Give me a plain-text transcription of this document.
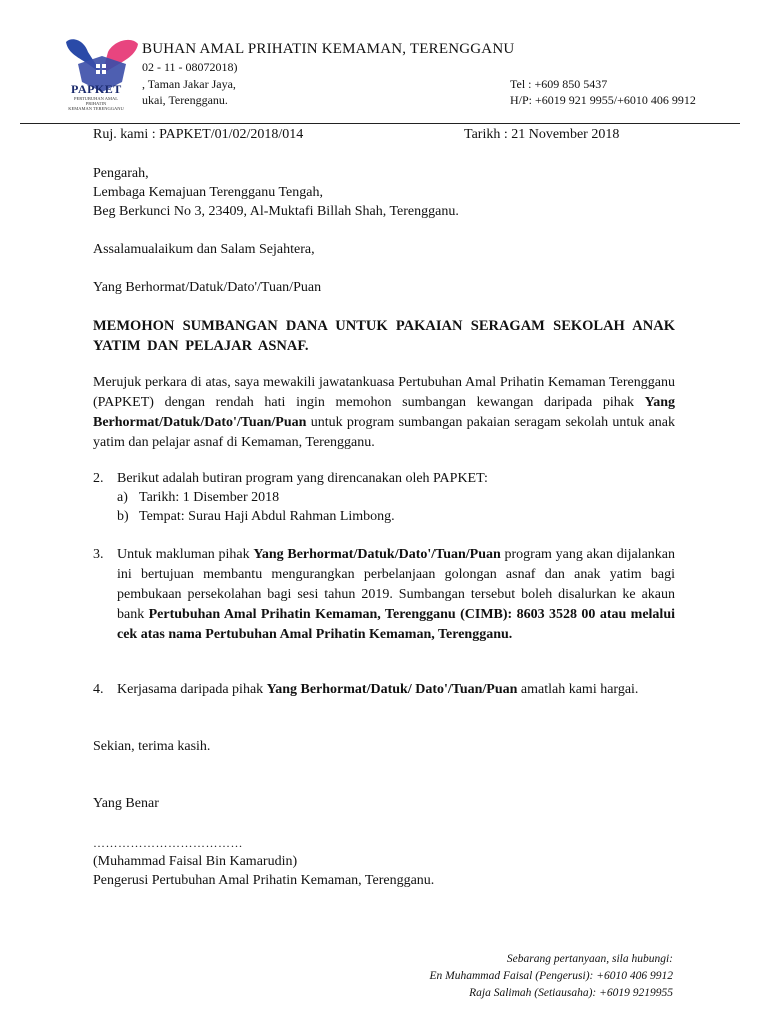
PAPKET
PERTUBUHAN AMAL PRIHATIN
KEMAMAN TERENGGANU
BUHAN AMAL PRIHATIN KEMAMAN, TERENGGANU
02 - 11 - 08072018)
, Taman Jakar Jaya,
ukai, Terengganu.
Tel : +609 850 5437
H/P: +6019 921 9955/+6010 406 9912
Ruj. kami : PAPKET/01/02/2018/014	Tarikh : 21 November 2018
Pengarah,
Lembaga Kemajuan Terengganu Tengah,
Beg Berkunci No 3, 23409, Al-Muktafi Billah Shah, Terengganu.
Assalamualaikum dan Salam Sejahtera,
Yang Berhormat/Datuk/Dato'/Tuan/Puan
MEMOHON SUMBANGAN DANA UNTUK PAKAIAN SERAGAM SEKOLAH ANAK YATIM DAN PELAJAR ASNAF.
Merujuk perkara di atas, saya mewakili jawatankuasa Pertubuhan Amal Prihatin Kemaman Terengganu (PAPKET) dengan rendah hati ingin memohon sumbangan kewangan daripada pihak Yang Berhormat/Datuk/Dato'/Tuan/Puan untuk program sumbangan pakaian seragam sekolah untuk anak yatim dan pelajar asnaf di Kemaman, Terengganu.
2. Berikut adalah butiran program yang direncanakan oleh PAPKET:
a) Tarikh: 1 Disember 2018
b) Tempat: Surau Haji Abdul Rahman Limbong.
3. Untuk makluman pihak Yang Berhormat/Datuk/Dato'/Tuan/Puan program yang akan dijalankan ini bertujuan membantu mengurangkan perbelanjaan golongan asnaf dan anak yatim bagi pembukaan persekolahan bagi sesi tahun 2019. Sumbangan tersebut boleh disalurkan ke akaun bank Pertubuhan Amal Prihatin Kemaman, Terengganu (CIMB): 8603 3528 00 atau melalui cek atas nama Pertubuhan Amal Prihatin Kemaman, Terengganu.
4. Kerjasama daripada pihak Yang Berhormat/Datuk/ Dato'/Tuan/Puan amatlah kami hargai.
Sekian, terima kasih.
Yang Benar
………………………………
(Muhammad Faisal Bin Kamarudin)
Pengerusi Pertubuhan Amal Prihatin Kemaman, Terengganu.
Sebarang pertanyaan, sila hubungi:
En Muhammad Faisal (Pengerusi): +6010 406 9912
Raja Salimah (Setiausaha): +6019 9219955
